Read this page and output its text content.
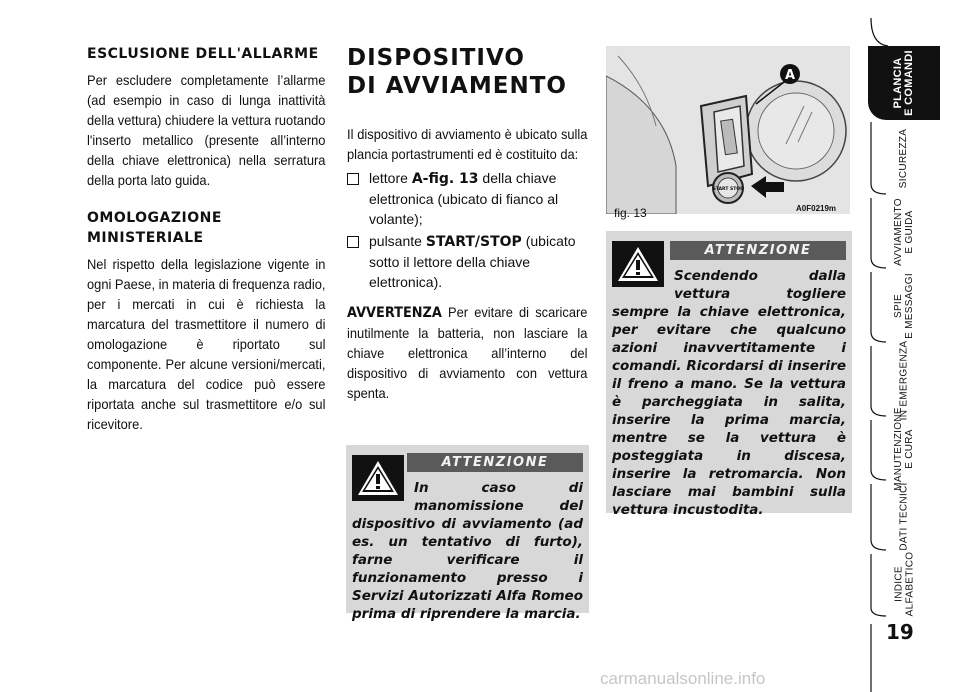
ESCLUSIONE DELL'ALLARME

Per escludere completamente l’allarme (ad esempio in caso di lunga inattività della vettura) chiudere la vettura ruotando l'inserto metallico (presente all’interno della chiave elettronica) nella serratura della porta lato guida.

OMOLOGAZIONE
MINISTERIALE

Nel rispetto della legislazione vigente in ogni Paese, in materia di frequenza radio, per i mercati in cui è richiesta la marcatura del trasmettitore il numero di omologazione è riportato sul componente. Per alcune versioni/mercati, la marcatura del codice può essere riportata anche sul trasmettitore e/o sul ricevitore.

DISPOSITIVO
DI AVVIAMENTO

Il dispositivo di avviamento è ubicato sulla plancia portastrumenti ed è costituito da:

lettore A-fig. 13 della chiave elettronica (ubicato di fianco al volante);
pulsante START/STOP (ubicato sotto il lettore della chiave elettronica).

AVVERTENZA Per evitare di scaricare inutilmente la batteria, non lasciare la chiave elettronica all’interno del dispositivo di avviamento con vettura spenta.

ATTENZIONE
In caso di manomissione del dispositivo di avviamento (ad es. un tentativo di furto), farne verificare il funzionamento presso i Servizi Autorizzati Alfa Romeo prima di riprendere la marcia.
A
START STOP
fig. 13	A0F0219m
ATTENZIONE
Scendendo dalla vettura togliere sempre la chiave elettronica, per evitare che qualcuno azioni inavvertitamente i comandi. Ricordarsi di inserire il freno a mano. Se la vettura è parcheggiata in salita, inserire la prima marcia, mentre se la vettura è posteggiata in discesa, inserire la retromarcia. Non lasciare mai bambini sulla vettura incustodita.
PLANCIA
E COMANDI
SICUREZZA
AVVIAMENTO
E GUIDA
SPIE
E MESSAGGI
IN EMERGENZA
MANUTENZIONE
E CURA
DATI TECNICI
INDICE
ALFABETICO
19
carmanualsonline.info
